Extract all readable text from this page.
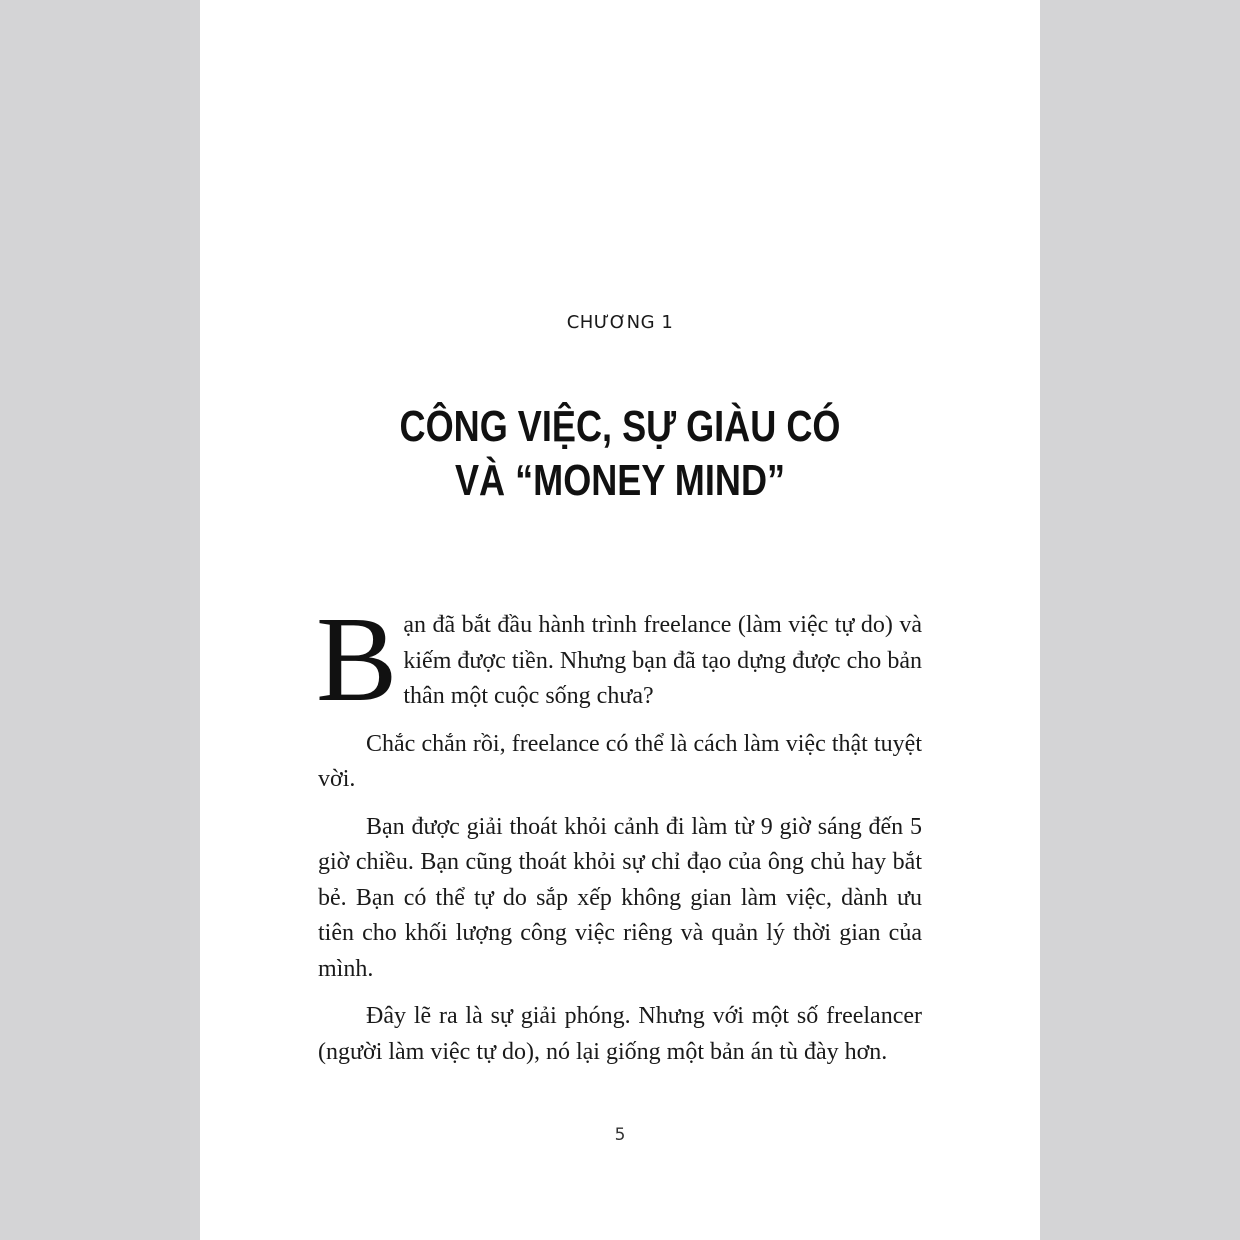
CHƯƠNG 1
CÔNG VIỆC, SỰ GIÀU CÓ
VÀ “MONEY MIND”

Bạn đã bắt đầu hành trình freelance (làm việc tự do) và kiếm được tiền. Nhưng bạn đã tạo dựng được cho bản thân một cuộc sống chưa?

Chắc chắn rồi, freelance có thể là cách làm việc thật tuyệt vời.

Bạn được giải thoát khỏi cảnh đi làm từ 9 giờ sáng đến 5 giờ chiều. Bạn cũng thoát khỏi sự chỉ đạo của ông chủ hay bắt bẻ. Bạn có thể tự do sắp xếp không gian làm việc, dành ưu tiên cho khối lượng công việc riêng và quản lý thời gian của mình.

Đây lẽ ra là sự giải phóng. Nhưng với một số freelancer (người làm việc tự do), nó lại giống một bản án tù đày hơn.

5
